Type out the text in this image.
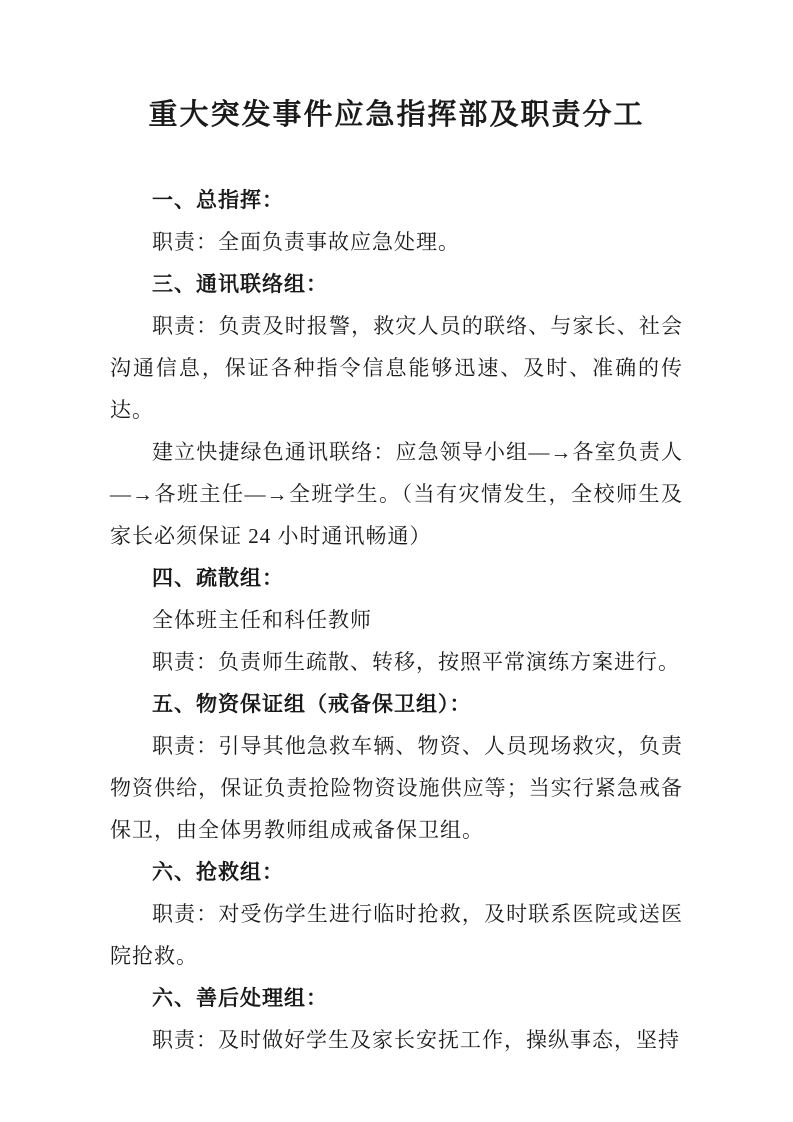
重大突发事件应急指挥部及职责分工

一、总指挥：

职责：全面负责事故应急处理。

三、通讯联络组：

职责：负责及时报警，救灾人员的联络、与家长、社会沟通信息，保证各种指令信息能够迅速、及时、准确的传达。

建立快捷绿色通讯联络：应急领导小组—→各室负责人—→各班主任—→全班学生。（当有灾情发生，全校师生及家长必须保证 24 小时通讯畅通）

四、疏散组：

全体班主任和科任教师

职责：负责师生疏散、转移，按照平常演练方案进行。

五、物资保证组（戒备保卫组）：

职责：引导其他急救车辆、物资、人员现场救灾，负责物资供给，保证负责抢险物资设施供应等；当实行紧急戒备保卫，由全体男教师组成戒备保卫组。

六、抢救组：

职责：对受伤学生进行临时抢救，及时联系医院或送医院抢救。

六、善后处理组：

职责：及时做好学生及家长安抚工作，操纵事态，坚持
